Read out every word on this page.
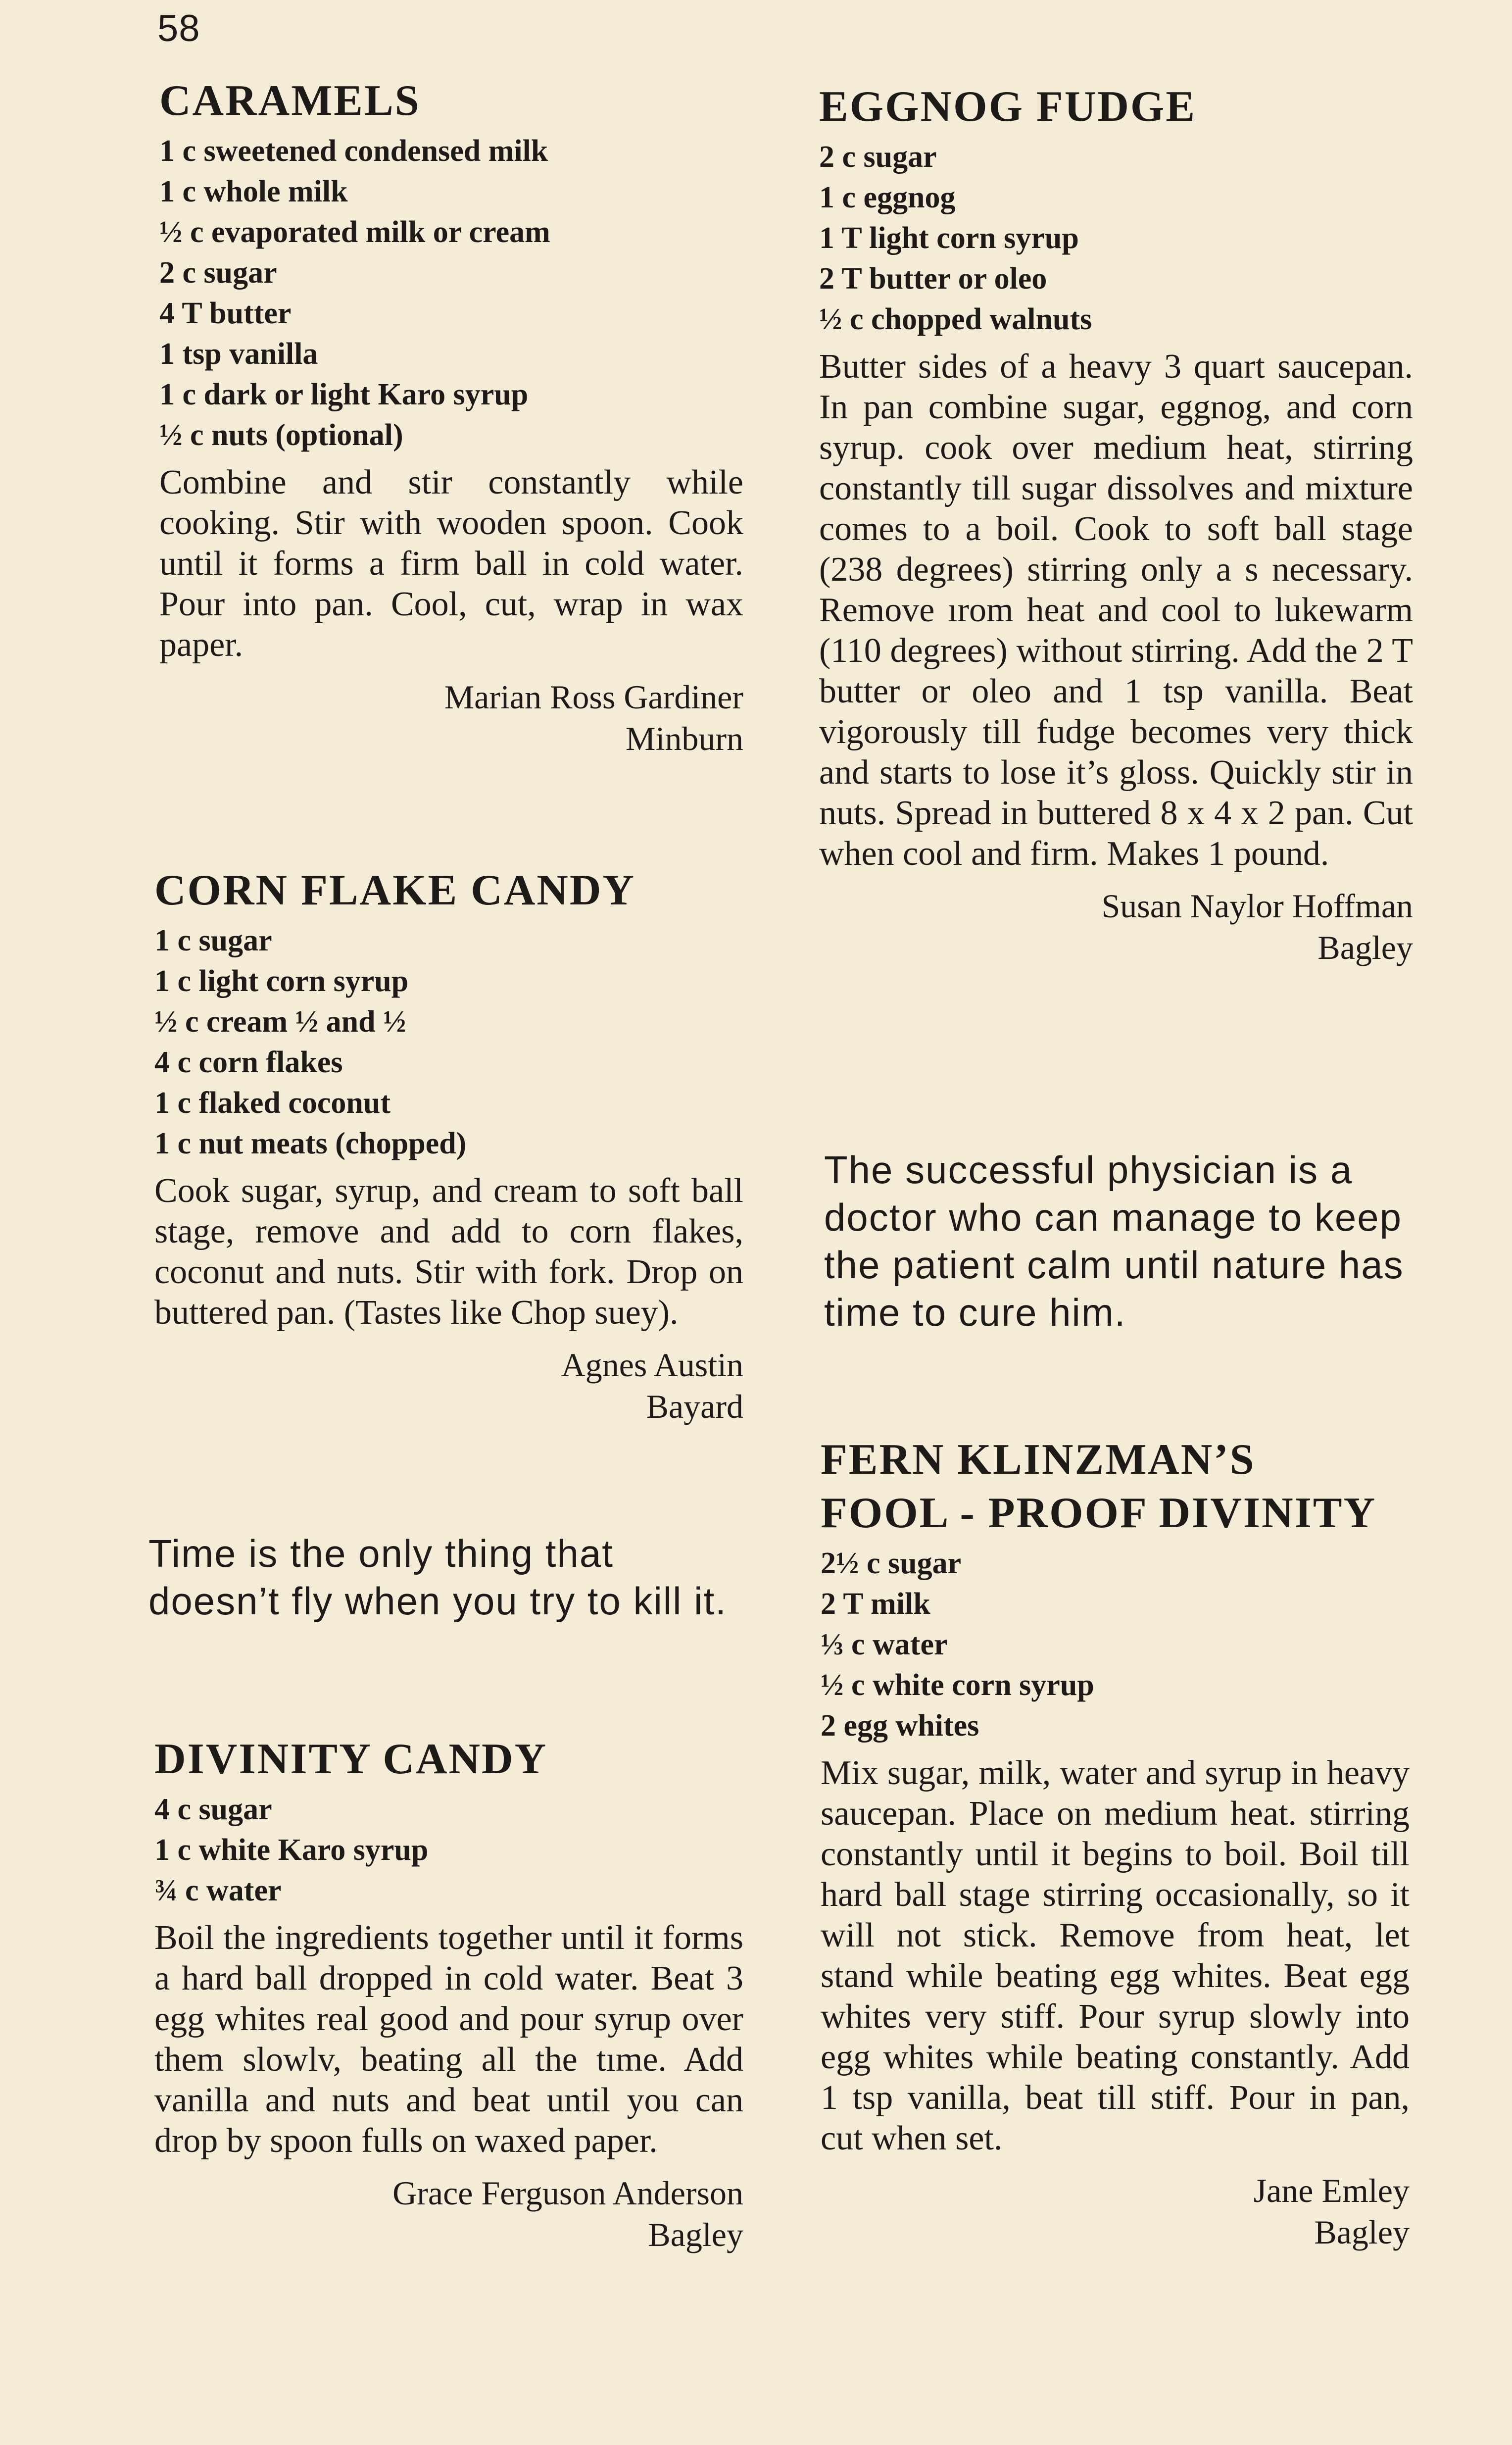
58
CARAMELS
1 c sweetened condensed milk
1 c whole milk
½ c evaporated milk or cream
2 c sugar
4 T butter
1 tsp vanilla
1 c dark or light Karo syrup
½ c nuts (optional)

Combine and stir constantly while cooking. Stir with wooden spoon. Cook until it forms a firm ball in cold water. Pour into pan. Cool, cut, wrap in wax paper.

Marian Ross Gardiner
Minburn
CORN FLAKE CANDY
1 c sugar
1 c light corn syrup
½ c cream ½ and ½
4 c corn flakes
1 c flaked coconut
1 c nut meats (chopped)

Cook sugar, syrup, and cream to soft ball stage, remove and add to corn flakes, coconut and nuts. Stir with fork. Drop on buttered pan. (Tastes like Chop suey).

Agnes Austin
Bayard
Time is the only thing that doesn’t fly when you try to kill it.
DIVINITY CANDY
4 c sugar
1 c white Karo syrup
¾ c water

Boil the ingredients together until it forms a hard ball dropped in cold water. Beat 3 egg whites real good and pour syrup over them slowlv, beating all the tıme. Add vanilla and nuts and beat until you can drop by spoon fulls on waxed paper.

Grace Ferguson Anderson
Bagley
EGGNOG FUDGE
2 c sugar
1 c eggnog
1 T light corn syrup
2 T butter or oleo
½ c chopped walnuts

Butter sides of a heavy 3 quart saucepan. In pan combine sugar, eggnog, and corn syrup. cook over medium heat, stirring constantly till sugar dissolves and mixture comes to a boil. Cook to soft ball stage (238 degrees) stirring only a s necessary. Remove ırom heat and cool to lukewarm (110 degrees) without stirring. Add the 2 T butter or oleo and 1 tsp vanilla. Beat vigorously till fudge becomes very thick and starts to lose it’s gloss. Quickly stir in nuts. Spread in buttered 8 x 4 x 2 pan. Cut when cool and firm. Makes 1 pound.

Susan Naylor Hoffman
Bagley
The successful physician is a doctor who can manage to keep the patient calm until nature has time to cure him.
FERN KLINZMAN’S
FOOL - PROOF DIVINITY
2½ c sugar
2 T milk
⅓ c water
½ c white corn syrup
2 egg whites

Mix sugar, milk, water and syrup in heavy saucepan. Place on medium heat. stirring constantly until it begins to boil. Boil till hard ball stage stirring occasionally, so it will not stick. Remove from heat, let stand while beating egg whites. Beat egg whites very stiff. Pour syrup slowly into egg whites while beating constantly. Add 1 tsp vanilla, beat till stiff. Pour in pan, cut when set.

Jane Emley
Bagley
